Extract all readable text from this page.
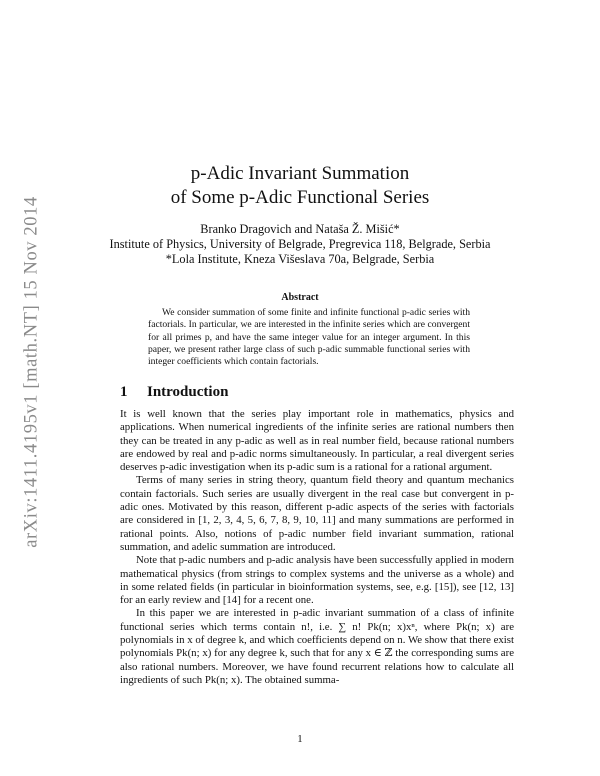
arXiv:1411.4195v1 [math.NT] 15 Nov 2014
p-Adic Invariant Summation
of Some p-Adic Functional Series
Branko Dragovich and Nataša Ž. Mišić*
Institute of Physics, University of Belgrade, Pregrevica 118, Belgrade, Serbia
*Lola Institute, Kneza Višeslava 70a, Belgrade, Serbia
Abstract
We consider summation of some finite and infinite functional p-adic series with factorials. In particular, we are interested in the infinite series which are convergent for all primes p, and have the same integer value for an integer argument. In this paper, we present rather large class of such p-adic summable functional series with integer coefficients which contain factorials.
1 Introduction

It is well known that the series play important role in mathematics, physics and applications. When numerical ingredients of the infinite series are rational numbers then they can be treated in any p-adic as well as in real number field, because rational numbers are endowed by real and p-adic norms simultaneously. In particular, a real divergent series deserves p-adic investigation when its p-adic sum is a rational for a rational argument.

Terms of many series in string theory, quantum field theory and quantum mechanics contain factorials. Such series are usually divergent in the real case but convergent in p-adic ones. Motivated by this reason, different p-adic aspects of the series with factorials are considered in [1, 2, 3, 4, 5, 6, 7, 8, 9, 10, 11] and many summations are performed in rational points. Also, notions of p-adic number field invariant summation, rational summation, and adelic summation are introduced.

Note that p-adic numbers and p-adic analysis have been successfully applied in modern mathematical physics (from strings to complex systems and the universe as a whole) and in some related fields (in particular in bioinformation systems, see, e.g. [15]), see [12, 13] for an early review and [14] for a recent one.

In this paper we are interested in p-adic invariant summation of a class of infinite functional series which terms contain n!, i.e. ∑ n! Pk(n; x)xⁿ, where Pk(n; x) are polynomials in x of degree k, and which coefficients depend on n. We show that there exist polynomials Pk(n; x) for any degree k, such that for any x ∈ ℤ the corresponding sums are also rational numbers. Moreover, we have found recurrent relations how to calculate all ingredients of such Pk(n; x). The obtained summa-

1
